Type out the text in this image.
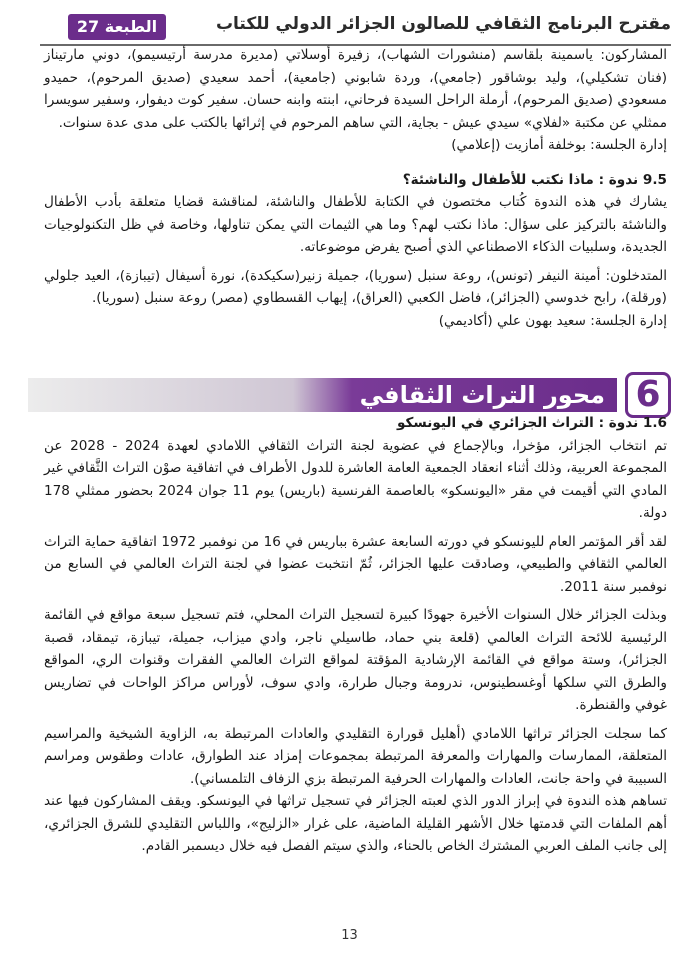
مقترح البرنامج الثقافي للصالون الجزائر الدولي للكتاب
الطبعة 27

المشاركون: ياسمينة بلقاسم (منشورات الشهاب)، زفيرة أوسلاتي (مديرة مدرسة أرتيسيمو)، دوني مارتيناز (فنان تشكيلي)، وليد بوشاقور (جامعي)، وردة شابوني (جامعية)، أحمد سعيدي (صديق المرحوم)، حميدو مسعودي (صديق المرحوم)، أرملة الراحل السيدة فرحاني، ابنته وابنه حسان. سفير كوت ديفوار، وسفير سويسرا ممثلي عن مكتبة «لفلاي» سيدي عيش - بجاية، التي ساهم المرحوم في إثرائها بالكتب على مدى عدة سنوات.

إدارة الجلسة: بوخلفة أمازيت (إعلامي)

9.5 ندوة : ماذا نكتب للأطفال والناشئة؟

يشارك في هذه الندوة كُتاب مختصون في الكتابة للأطفال والناشئة، لمناقشة قضايا متعلقة بأدب الأطفال والناشئة بالتركيز على سؤال: ماذا نكتب لهم؟ وما هي الثيمات التي يمكن تناولها، وخاصة في ظل التكنولوجيات الجديدة، وسلبيات الذكاء الاصطناعي الذي أصبح يفرض موضوعاته.

المتدخلون: أمينة النيفر (تونس)، روعة سنبل (سوريا)، جميلة زنير(سكيكدة)، نورة أسيفال (تيبازة)، العيد جلولي (ورقلة)، رابح خدوسي (الجزائر)، فاضل الكعبي (العراق)، إيهاب القسطاوي (مصر) روعة سنبل (سوريا).

إدارة الجلسة: سعيد بهون علي (أكاديمي)

محور التراث الثقافي 6

1.6 ندوة : التراث الجزائري في اليونسكو

تم انتخاب الجزائر، مؤخرا، وبالإجماع في عضوية لجنة التراث الثقافي اللامادي لعهدة 2024 - 2028 عن المجموعة العربية، وذلك أثناء انعقاد الجمعية العامة العاشرة للدول الأطراف في اتفاقية صوْن التراث الثَّقافي غير المادي التي أقيمت في مقر «اليونسكو» بالعاصمة الفرنسية (باريس) يوم 11 جوان 2024 بحضور ممثلي 178 دولة.

لقد أقر المؤتمر العام لليونسكو في دورته السابعة عشرة بباريس في 16 من نوفمبر 1972 اتفاقية حماية التراث العالمي الثقافي والطبيعي، وصادقت عليها الجزائر، ثُمّ انتخبت عضوا في لجنة التراث العالمي في السابع من نوفمبر سنة 2011.

وبذلت الجزائر خلال السنوات الأخيرة جهودًا كبيرة لتسجيل التراث المحلي، فتم تسجيل سبعة مواقع في القائمة الرئيسية للائحة التراث العالمي (قلعة بني حماد، طاسيلي ناجر، وادي ميزاب، جميلة، تيبازة، تيمقاد، قصبة الجزائر)، وستة مواقع في القائمة الإرشادية المؤقتة لمواقع التراث العالمي الفقرات وقنوات الري، المواقع والطرق التي سلكها أوغسطينوس، ندرومة وجبال طرارة، وادي سوف، لأوراس مراكز الواحات في تضاريس غوفي والقنطرة.

كما سجلت الجزائر تراثها اللامادي (أهليل قورارة التقليدي والعادات المرتبطة به، الزاوية الشيخية والمراسيم المتعلقة، الممارسات والمهارات والمعرفة المرتبطة بمجموعات إمزاد عند الطوارق، عادات وطقوس ومراسم السبيبة في واحة جانت، العادات والمهارات الحرفية المرتبطة بزي الزفاف التلمساني).

تساهم هذه الندوة في إبراز الدور الذي لعبته الجزائر في تسجيل تراثها في اليونسكو. ويقف المشاركون فيها عند أهم الملفات التي قدمتها خلال الأشهر القليلة الماضية، على غرار «الزليج»، واللباس التقليدي للشرق الجزائري، إلى جانب الملف العربي المشترك الخاص بالحناء، والذي سيتم الفصل فيه خلال ديسمبر القادم.

13
